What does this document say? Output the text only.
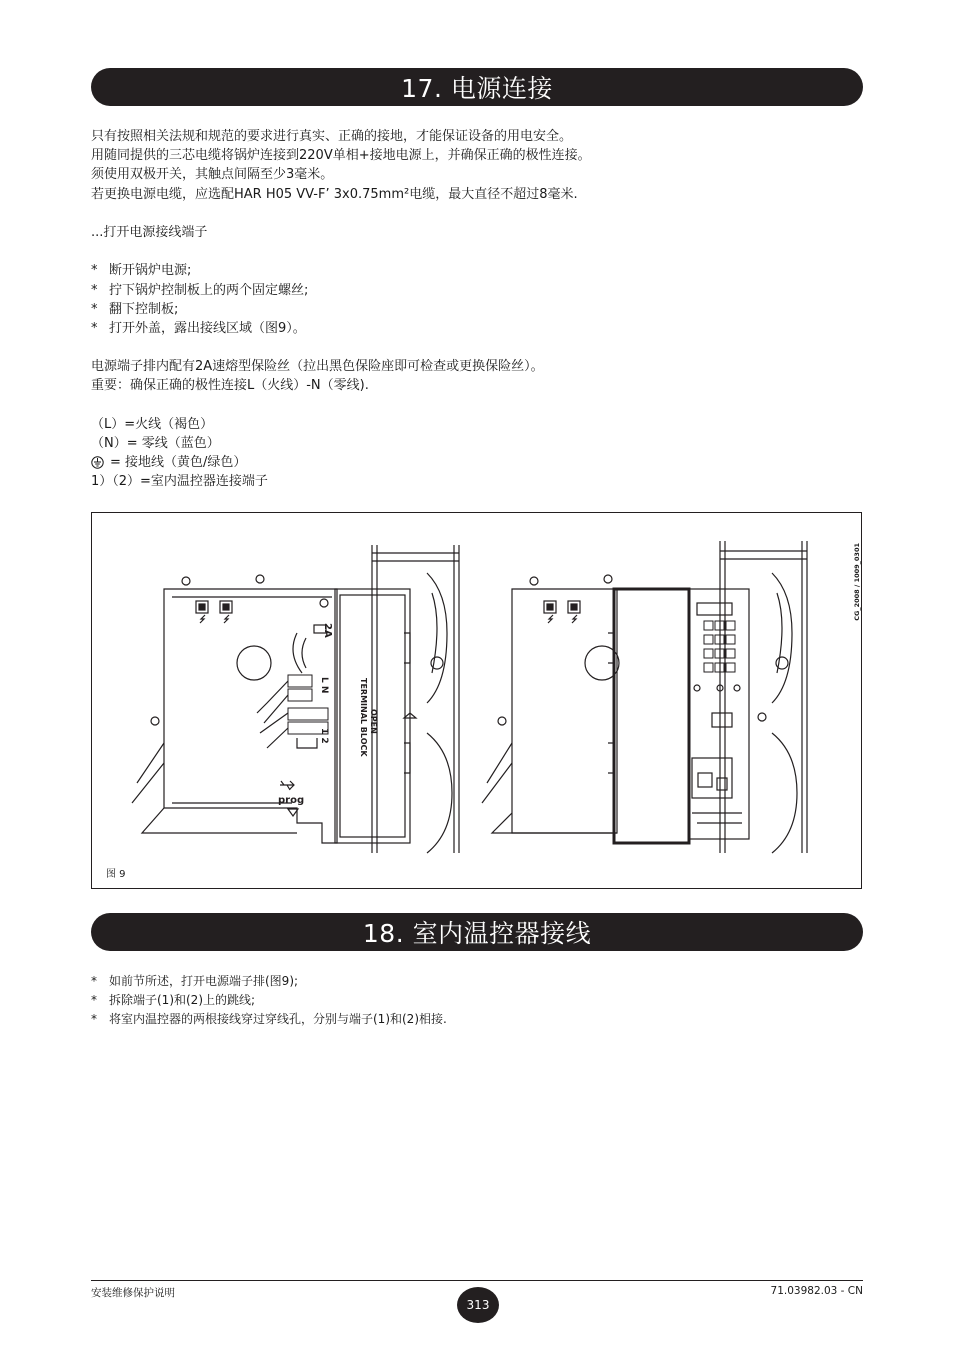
17. 电源连接
只有按照相关法规和规范的要求进行真实、正确的接地，才能保证设备的用电安全。
用随同提供的三芯电缆将锅炉连接到220V单相+接地电源上，并确保正确的极性连接。
须使用双极开关，其触点间隔至少3毫米。
若更换电源电缆，应选配HAR H05 VV-F’ 3x0.75mm²电缆，最大直径不超过8毫米.
...打开电源接线端子
* 断开锅炉电源;
* 拧下锅炉控制板上的两个固定螺丝;
* 翻下控制板;
* 打开外盖，露出接线区域（图9）。
电源端子排内配有2A速熔型保险丝（拉出黑色保险座即可检查或更换保险丝）。
重要：确保正确的极性连接L（火线）-N（零线).
（L）=火线（褐色）
（N）= 零线（蓝色）
= 接地线（黄色/绿色）
1）（2）=室内温控器连接端子
2A
L N
1 2
OPEN
TERMINAL BLOCK
prog
CG_2008 / 1009_0301
图 9
18. 室内温控器接线
*	如前节所述，打开电源端子排(图9);
*	拆除端子(1)和(2)上的跳线;
*	将室内温控器的两根接线穿过穿线孔，分别与端子(1)和(2)相接.
安装维修保护说明
313
71.03982.03 - CN
